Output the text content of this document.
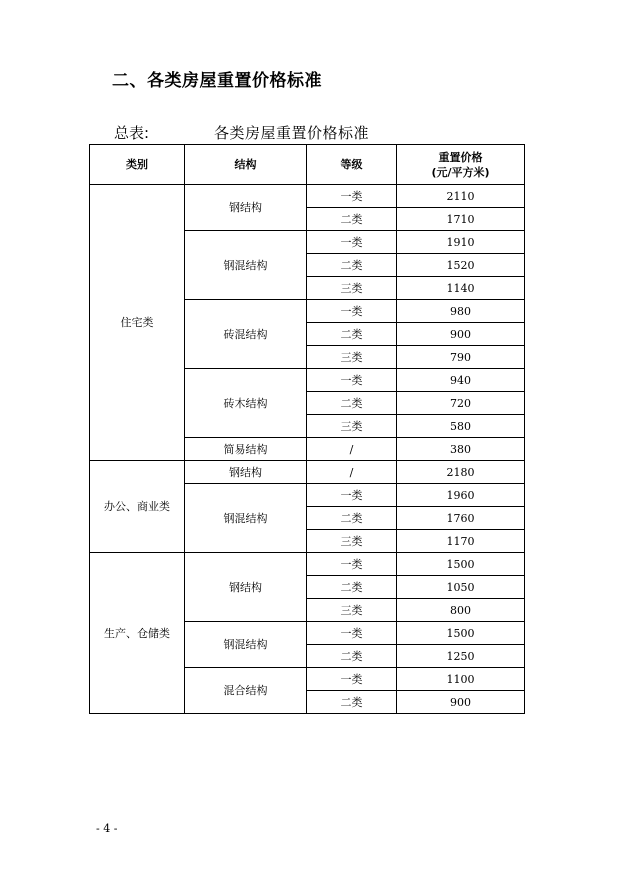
二、各类房屋重置价格标准
总表:	各类房屋重置价格标准
类别	结构	等级	重置价格
(元/平方米)

住宅类	钢结构	一类	2110
		二类	1710
	钢混结构	一类	1910
		二类	1520
		三类	1140
	砖混结构	一类	980
		二类	900
		三类	790
	砖木结构	一类	940
		二类	720
		三类	580
	简易结构	/	380
办公、商业类	钢结构	/	2180
	钢混结构	一类	1960
		二类	1760
		三类	1170
生产、仓储类	钢结构	一类	1500
		二类	1050
		三类	800
	钢混结构	一类	1500
		二类	1250
	混合结构	一类	1100
		二类	900
- 4 -
